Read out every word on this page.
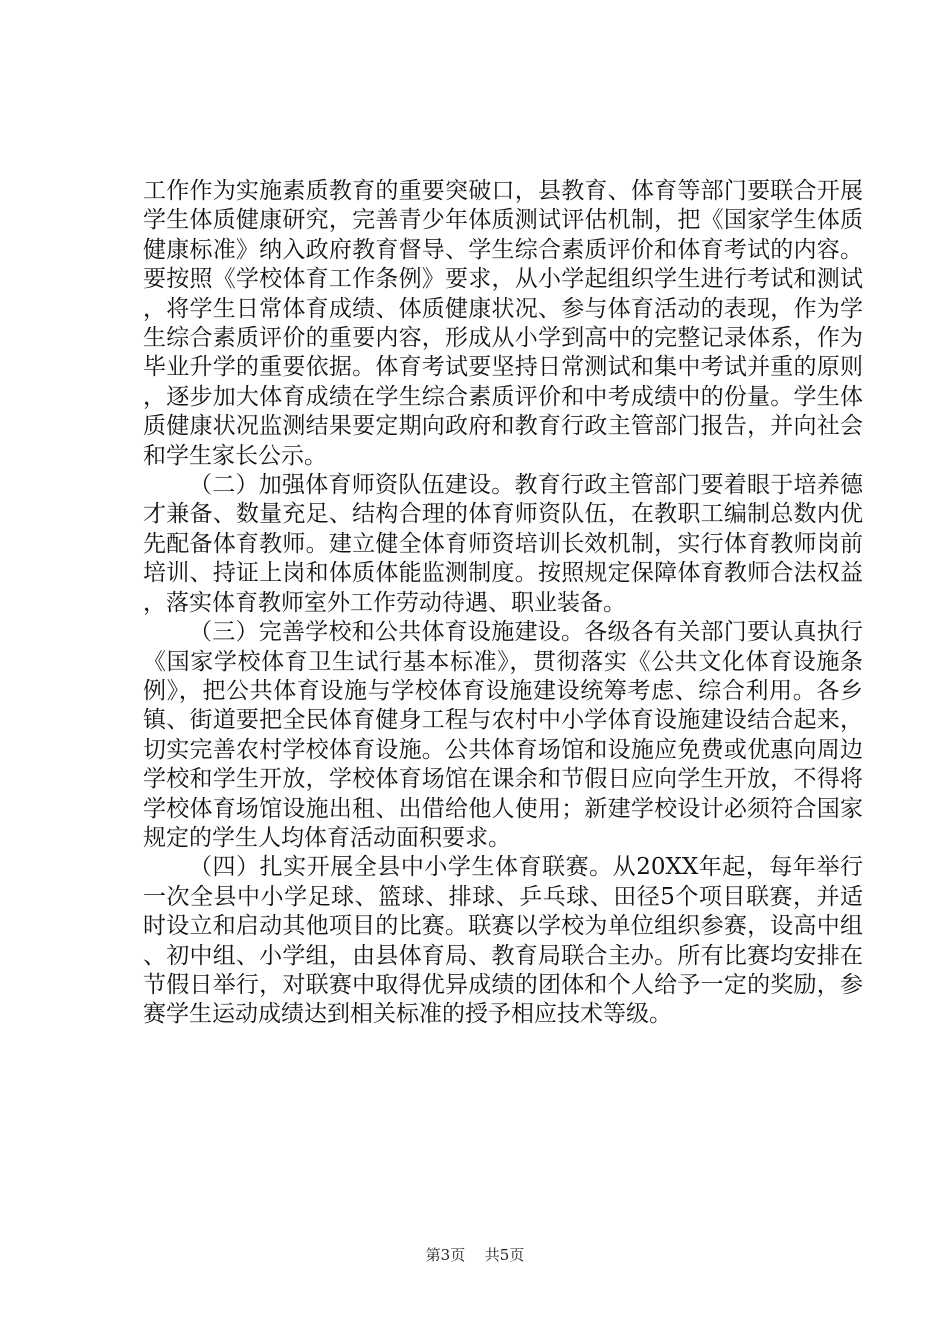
工作作为实施素质教育的重要突破口，县教育、体育等部门要联合开展学生体质健康研究，完善青少年体质测试评估机制，把《国家学生体质健康标准》纳入政府教育督导、学生综合素质评价和体育考试的内容。要按照《学校体育工作条例》要求，从小学起组织学生进行考试和测试，将学生日常体育成绩、体质健康状况、参与体育活动的表现，作为学生综合素质评价的重要内容，形成从小学到高中的完整记录体系，作为毕业升学的重要依据。体育考试要坚持日常测试和集中考试并重的原则，逐步加大体育成绩在学生综合素质评价和中考成绩中的份量。学生体质健康状况监测结果要定期向政府和教育行政主管部门报告，并向社会和学生家长公示。

（二）加强体育师资队伍建设。教育行政主管部门要着眼于培养德才兼备、数量充足、结构合理的体育师资队伍，在教职工编制总数内优先配备体育教师。建立健全体育师资培训长效机制，实行体育教师岗前培训、持证上岗和体质体能监测制度。按照规定保障体育教师合法权益，落实体育教师室外工作劳动待遇、职业装备。

（三）完善学校和公共体育设施建设。各级各有关部门要认真执行《国家学校体育卫生试行基本标准》，贯彻落实《公共文化体育设施条例》，把公共体育设施与学校体育设施建设统筹考虑、综合利用。各乡镇、街道要把全民体育健身工程与农村中小学体育设施建设结合起来，切实完善农村学校体育设施。公共体育场馆和设施应免费或优惠向周边学校和学生开放，学校体育场馆在课余和节假日应向学生开放，不得将学校体育场馆设施出租、出借给他人使用；新建学校设计必须符合国家规定的学生人均体育活动面积要求。

（四）扎实开展全县中小学生体育联赛。从20XX年起，每年举行一次全县中小学足球、篮球、排球、乒乓球、田径5个项目联赛，并适时设立和启动其他项目的比赛。联赛以学校为单位组织参赛，设高中组、初中组、小学组，由县体育局、教育局联合主办。所有比赛均安排在节假日举行，对联赛中取得优异成绩的团体和个人给予一定的奖励，参赛学生运动成绩达到相关标准的授予相应技术等级。

第3页 共5页
